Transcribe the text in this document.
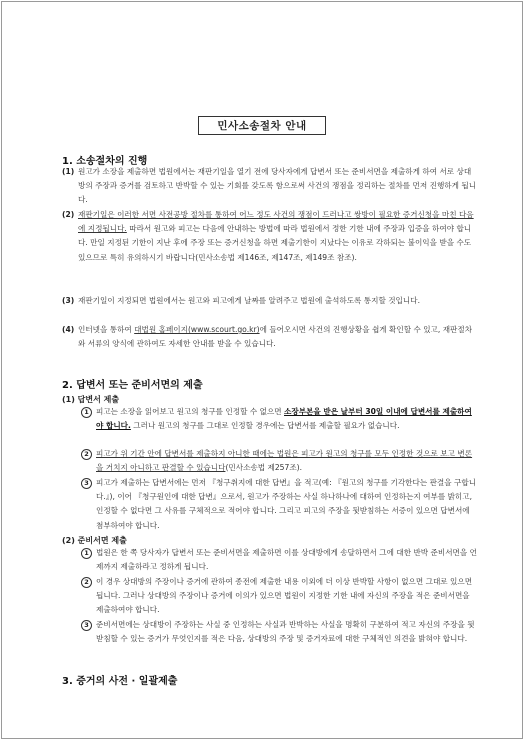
민사소송절차 안내
1. 소송절차의 진행
(1) 원고가 소장을 제출하면 법원에서는 재판기일을 열기 전에 당사자에게 답변서 또는 준비서면을 제출하게 하여 서로 상대방의 주장과 증거를 검토하고 반박할 수 있는 기회를 갖도록 함으로써 사건의 쟁점을 정리하는 절차를 먼저 진행하게 됩니다.
(2) 재판기일은 이러한 서면 사전공방 절차를 통하여 어느 정도 사건의 쟁점이 드러나고 쌍방이 필요한 증거신청을 마친 다음에 지정됩니다. 따라서 원고와 피고는 다음에 안내하는 방법에 따라 법원에서 정한 기한 내에 주장과 입증을 하여야 합니다. 만일 지정된 기한이 지난 후에 주장 또는 증거신청을 하면 제출기한이 지났다는 이유로 각하되는 불이익을 받을 수도 있으므로 특히 유의하시기 바랍니다(민사소송법 제146조, 제147조, 제149조 참조).
(3) 재판기일이 지정되면 법원에서는 원고와 피고에게 날짜를 알려주고 법원에 출석하도록 통지할 것입니다.
(4) 인터넷을 통하여 대법원 홈페이지(www.scourt.go.kr)에 들어오시면 사건의 진행상황을 쉽게 확인할 수 있고, 재판절차와 서류의 양식에 관하여도 자세한 안내를 받을 수 있습니다.
2. 답변서 또는 준비서면의 제출
(1) 답변서 제출
1 피고는 소장을 읽어보고 원고의 청구를 인정할 수 없으면 소장부본을 받은 날부터 30일 이내에 답변서를 제출하여야 합니다. 그러나 원고의 청구를 그대로 인정할 경우에는 답변서를 제출할 필요가 없습니다.
2 피고가 위 기간 안에 답변서를 제출하지 아니한 때에는 법원은 피고가 원고의 청구를 모두 인정한 것으로 보고 변론을 거치지 아니하고 판결할 수 있습니다(민사소송법 제257조).
3 피고가 제출하는 답변서에는 먼저 『청구취지에 대한 답변』을 적고(예: 『원고의 청구를 기각한다는 판결을 구합니다.』), 이어 『청구원인에 대한 답변』으로서, 원고가 주장하는 사실 하나하나에 대하여 인정하는지 여부를 밝히고, 인정할 수 없다면 그 사유를 구체적으로 적어야 합니다. 그리고 피고의 주장을 뒷받침하는 서증이 있으면 답변서에 첨부하여야 합니다.
(2) 준비서면 제출
1 법원은 한 쪽 당사자가 답변서 또는 준비서면을 제출하면 이를 상대방에게 송달하면서 그에 대한 반박 준비서면을 언제까지 제출하라고 정하게 됩니다.
2 이 경우 상대방의 주장이나 증거에 관하여 종전에 제출한 내용 이외에 더 이상 반박할 사항이 없으면 그대로 있으면 됩니다. 그러나 상대방의 주장이나 증거에 이의가 있으면 법원이 지정한 기한 내에 자신의 주장을 적은 준비서면을 제출하여야 합니다.
3 준비서면에는 상대방이 주장하는 사실 중 인정하는 사실과 반박하는 사실을 명확히 구분하여 적고 자신의 주장을 뒷받침할 수 있는 증거가 무엇인지를 적은 다음, 상대방의 주장 및 증거자료에 대한 구체적인 의견을 밝혀야 합니다.
3. 증거의 사전 · 일괄제출
